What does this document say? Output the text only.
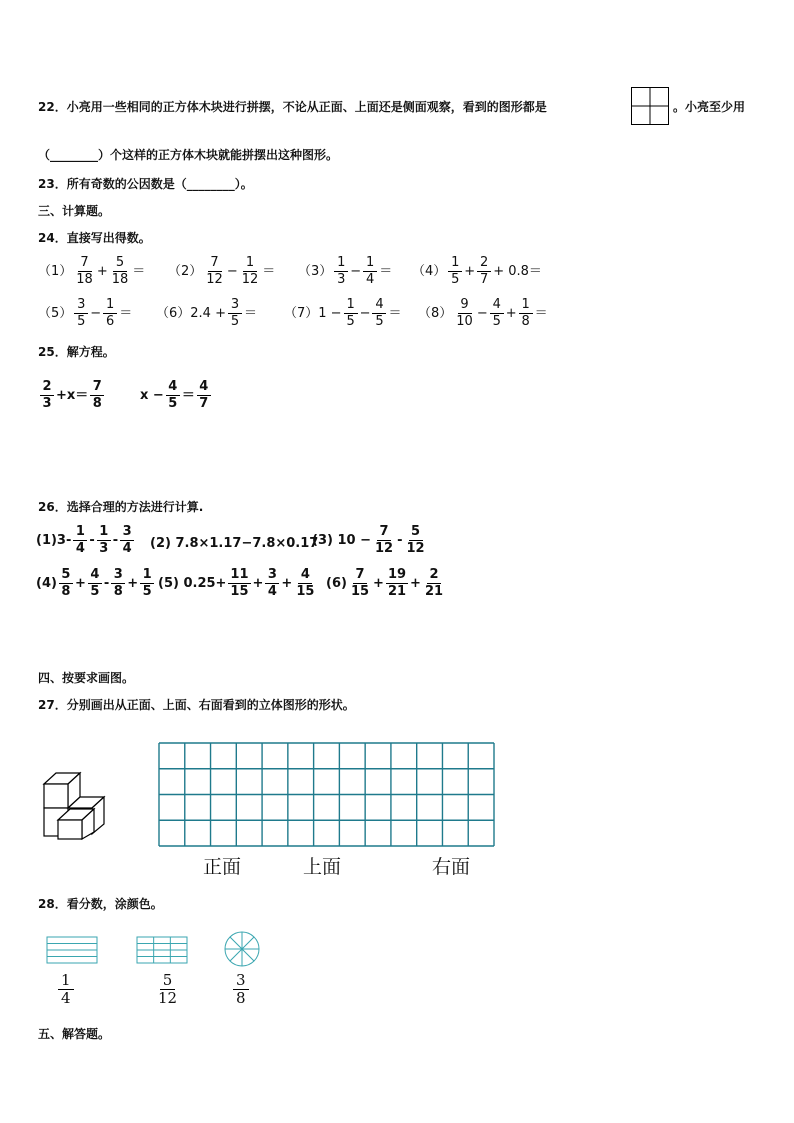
22．小亮用一些相同的正方体木块进行拼摆，不论从正面、上面还是侧面观察，看到的图形都是	。小亮至少用
（________）个这样的正方体木块就能拼摆出这种图形。
23．所有奇数的公因数是（________）。
三、计算题。
24．直接写出得数。
$(1) \frac{7}{18} + \frac{5}{18} = (2) \frac{7}{12} - \frac{1}{12} = (3) \frac{1}{3} - \frac{1}{4} = (4) \frac{1}{5} + \frac{2}{7} + 0.8=$
$(5) \frac{3}{5} - \frac{1}{6} = (6) 2.4 + \frac{3}{5} = (7) 1 - \frac{1}{5} - \frac{4}{5} = (8) \frac{9}{10} - \frac{4}{5} + \frac{1}{8}$ ＝
25．解方程。
$\frac{2}{3} +x= \frac{7}{8}$	$x - \frac{4}{5} = \frac{4}{7}$
26．选择合理的方法进行计算.
$(1)3- \frac{1}{4} - \frac{1}{3} - \frac{3}{4} (2)$ 7.8×1.17−7.8×0.17
(3) $10 - \frac{7}{12} - \frac{5}{12}$
$(4) \frac{5}{8} + \frac{4}{5} - \frac{3}{8} + \frac{1}{5} (5)$ $0.25+ \frac{11}{15} + \frac{3}{4} + \frac{4}{15} (6) \frac{7}{15} + \frac{19}{21} + \frac{2}{21}$
四、按要求画图。
27．分别画出从正面、上面、右面看到的立体图形的形状。
正面	上面	右面
28．看分数，涂颜色。
$\frac{1}{4}$	$\frac{5}{12}$	$\frac{3}{8}$
五、解答题。
